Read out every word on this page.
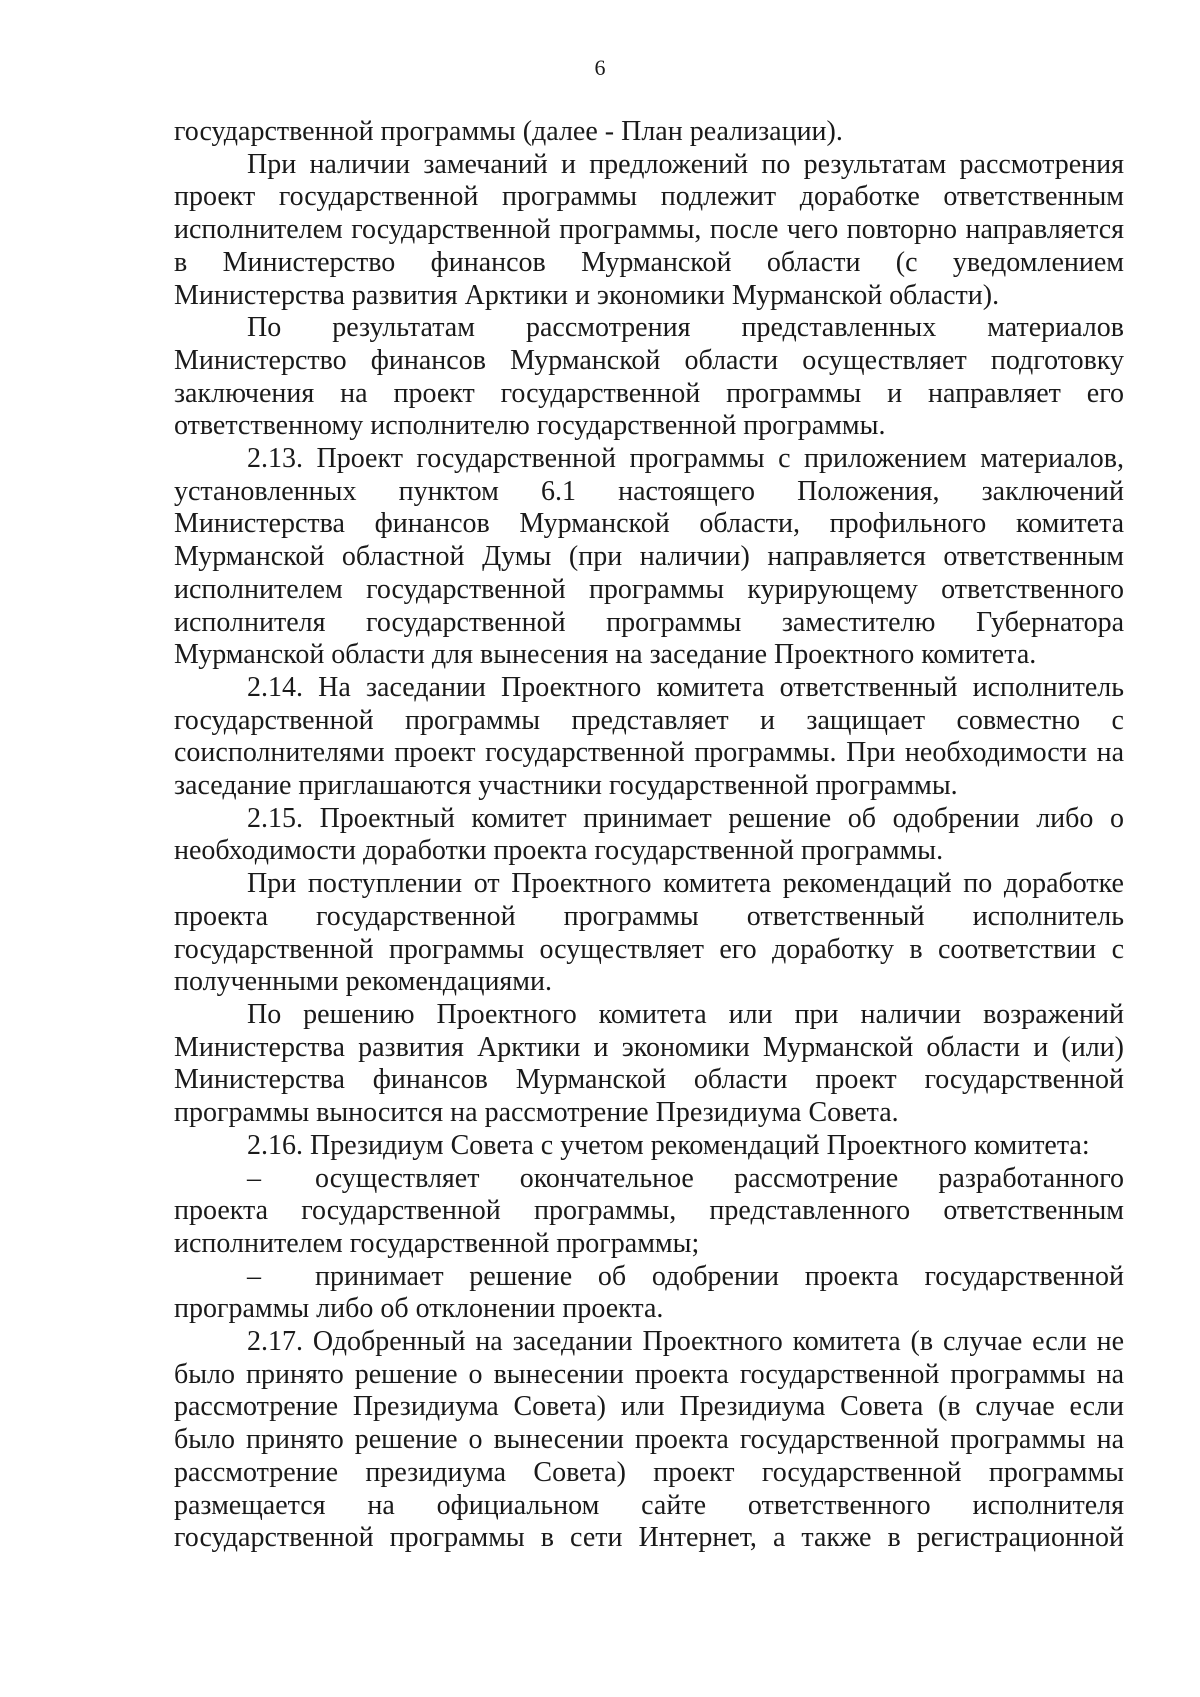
6

государственной программы (далее - План реализации).

При наличии замечаний и предложений по результатам рассмотрения проект государственной программы подлежит доработке ответственным исполнителем государственной программы, после чего повторно направляется в Министерство финансов Мурманской области (с уведомлением Министерства развития Арктики и экономики Мурманской области).

По результатам рассмотрения представленных материалов Министерство финансов Мурманской области осуществляет подготовку заключения на проект государственной программы и направляет его ответственному исполнителю государственной программы.

2.13. Проект государственной программы с приложением материалов, установленных пунктом 6.1 настоящего Положения, заключений Министерства финансов Мурманской области, профильного комитета Мурманской областной Думы (при наличии) направляется ответственным исполнителем государственной программы курирующему ответственного исполнителя государственной программы заместителю Губернатора Мурманской области для вынесения на заседание Проектного комитета.

2.14. На заседании Проектного комитета ответственный исполнитель государственной программы представляет и защищает совместно с соисполнителями проект государственной программы. При необходимости на заседание приглашаются участники государственной программы.

2.15. Проектный комитет принимает решение об одобрении либо о необходимости доработки проекта государственной программы.

При поступлении от Проектного комитета рекомендаций по доработке проекта государственной программы ответственный исполнитель государственной программы осуществляет его доработку в соответствии с полученными рекомендациями.

По решению Проектного комитета или при наличии возражений Министерства развития Арктики и экономики Мурманской области и (или) Министерства финансов Мурманской области проект государственной программы выносится на рассмотрение Президиума Совета.

2.16. Президиум Совета с учетом рекомендаций Проектного комитета:

– осуществляет окончательное рассмотрение разработанного проекта государственной программы, представленного ответственным исполнителем государственной программы;

– принимает решение об одобрении проекта государственной программы либо об отклонении проекта.

2.17. Одобренный на заседании Проектного комитета (в случае если не было принято решение о вынесении проекта государственной программы на рассмотрение Президиума Совета) или Президиума Совета (в случае если было принято решение о вынесении проекта государственной программы на рассмотрение президиума Совета) проект государственной программы размещается на официальном сайте ответственного исполнителя государственной программы в сети Интернет, а также в регистрационной
